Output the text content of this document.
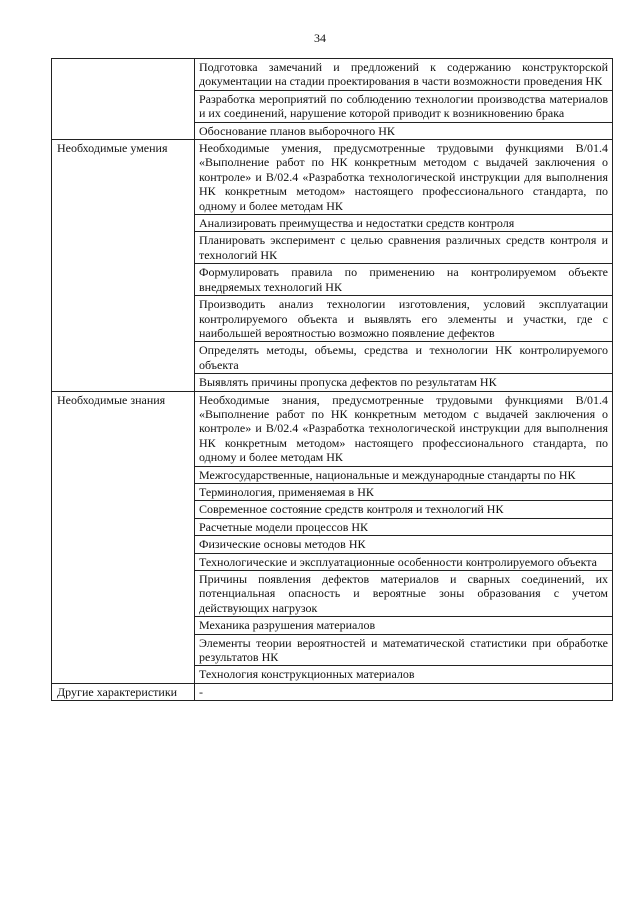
34
	Подготовка замечаний и предложений к содержанию конструкторской документации на стадии проектирования в части возможности проведения НК
	Разработка мероприятий по соблюдению технологии производства материалов и их соединений, нарушение которой приводит к возникновению брака
	Обоснование планов выборочного НК
Необходимые умения	Необходимые умения, предусмотренные трудовыми функциями В/01.4 «Выполнение работ по НК конкретным методом с выдачей заключения о контроле» и В/02.4 «Разработка технологической инструкции для выполнения НК конкретным методом» настоящего профессионального стандарта, по одному и более методам НК
	Анализировать преимущества и недостатки средств контроля
	Планировать эксперимент с целью сравнения различных средств контроля и технологий НК
	Формулировать правила по применению на контролируемом объекте внедряемых технологий НК
	Производить анализ технологии изготовления, условий эксплуатации контролируемого объекта и выявлять его элементы и участки, где с наибольшей вероятностью возможно появление дефектов
	Определять методы, объемы, средства и технологии НК контролируемого объекта
	Выявлять причины пропуска дефектов по результатам НК
Необходимые знания	Необходимые знания, предусмотренные трудовыми функциями В/01.4 «Выполнение работ по НК конкретным методом с выдачей заключения о контроле» и В/02.4 «Разработка технологической инструкции для выполнения НК конкретным методом» настоящего профессионального стандарта, по одному и более методам НК
	Межгосударственные, национальные и международные стандарты по НК
	Терминология, применяемая в НК
	Современное состояние средств контроля и технологий НК
	Расчетные модели процессов НК
	Физические основы методов НК
	Технологические и эксплуатационные особенности контролируемого объекта
	Причины появления дефектов материалов и сварных соединений, их потенциальная опасность и вероятные зоны образования с учетом действующих нагрузок
	Механика разрушения материалов
	Элементы теории вероятностей и математической статистики при обработке результатов НК
	Технология конструкционных материалов
Другие характеристики	-
